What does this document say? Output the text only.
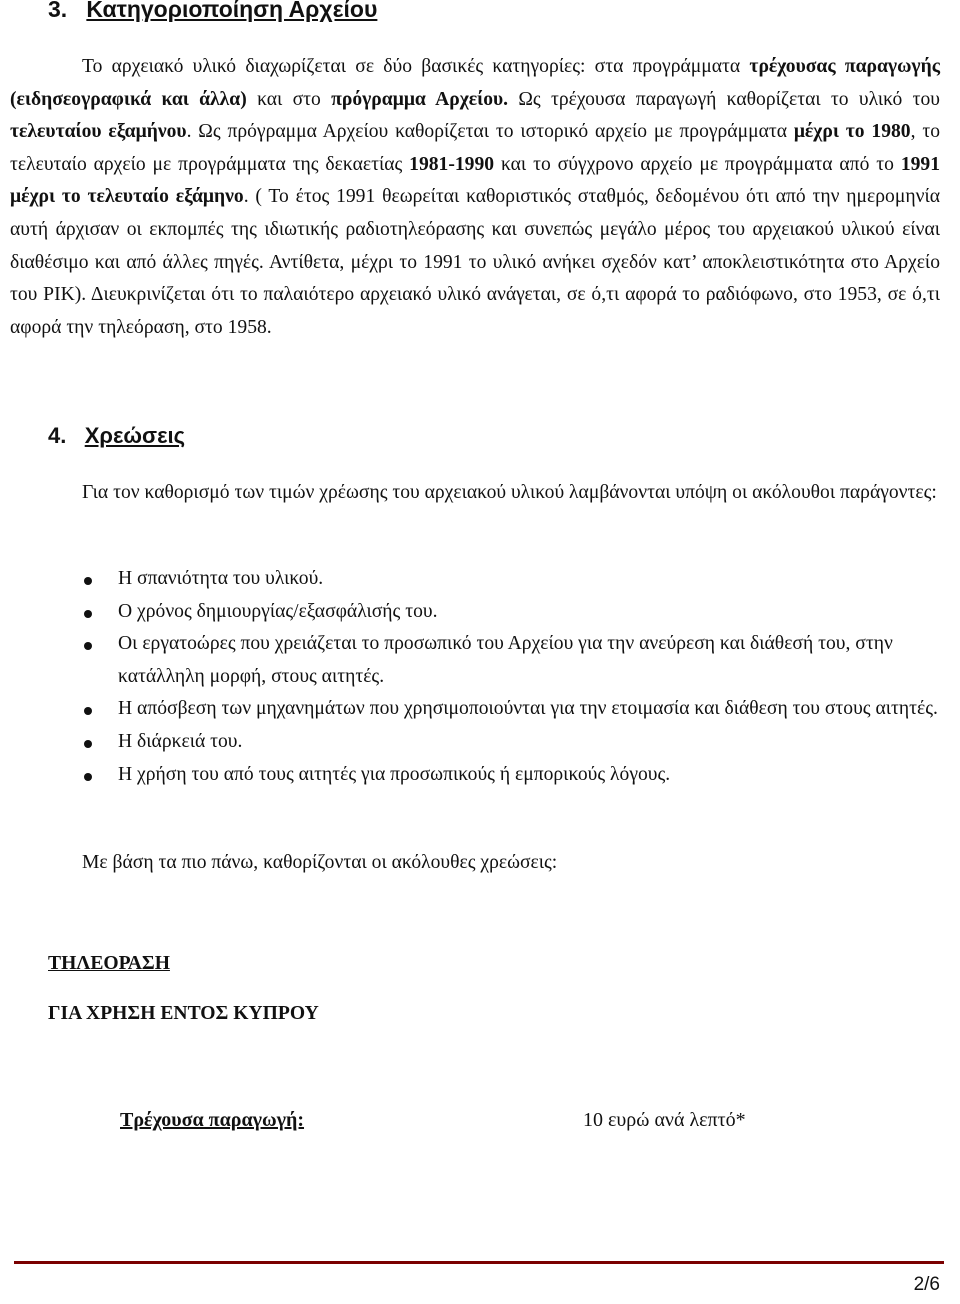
3. Κατηγοριοποίηση Αρχείου

Το αρχειακό υλικό διαχωρίζεται σε δύο βασικές κατηγορίες: στα προγράμματα τρέχουσας παραγωγής (ειδησεογραφικά και άλλα) και στο πρόγραμμα Αρχείου. Ως τρέχουσα παραγωγή καθορίζεται το υλικό του τελευταίου εξαμήνου. Ως πρόγραμμα Αρχείου καθορίζεται το ιστορικό αρχείο με προγράμματα μέχρι το 1980, το τελευταίο αρχείο με προγράμματα της δεκαετίας 1981-1990 και το σύγχρονο αρχείο με προγράμματα από το 1991 μέχρι το τελευταίο εξάμηνο. ( Το έτος 1991 θεωρείται καθοριστικός σταθμός, δεδομένου ότι από την ημερομηνία αυτή άρχισαν οι εκπομπές της ιδιωτικής ραδιοτηλεόρασης και συνεπώς μεγάλο μέρος του αρχειακού υλικού είναι διαθέσιμο και από άλλες πηγές. Αντίθετα, μέχρι το 1991 το υλικό ανήκει σχεδόν κατ’ αποκλειστικότητα στο Αρχείο του ΡΙΚ). Διευκρινίζεται ότι το παλαιότερο αρχειακό υλικό ανάγεται, σε ό,τι αφορά το ραδιόφωνο, στο 1953, σε ό,τι αφορά την τηλεόραση, στο 1958.

4. Χρεώσεις

Για τον καθορισμό των τιμών χρέωσης του αρχειακού υλικού λαμβάνονται υπόψη οι ακόλουθοι παράγοντες:

Η σπανιότητα του υλικού.
Ο χρόνος δημιουργίας/εξασφάλισής του.
Οι εργατοώρες που χρειάζεται το προσωπικό του Αρχείου για την ανεύρεση και διάθεσή του, στην κατάλληλη μορφή, στους αιτητές.
Η απόσβεση των μηχανημάτων που χρησιμοποιούνται για την ετοιμασία και διάθεση του στους αιτητές.
Η διάρκειά του.
Η χρήση του από τους αιτητές για προσωπικούς ή εμπορικούς λόγους.

Με βάση τα πιο πάνω, καθορίζονται οι ακόλουθες χρεώσεις:

ΤΗΛΕΟΡΑΣΗ

ΓΙΑ ΧΡΗΣΗ ΕΝΤΟΣ ΚΥΠΡΟΥ

Τρέχουσα παραγωγή:	10 ευρώ ανά λεπτό*

2/6
